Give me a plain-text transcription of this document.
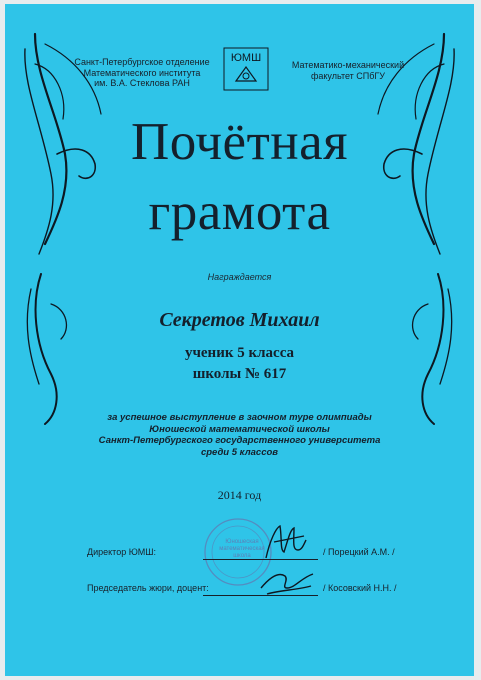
Санкт-Петербургское отделение
Математического института
им. В.А. Стеклова РАН
ЮМШ
Математико-механический
факультет СПбГУ
Почётная
грамота
Награждается
Секретов Михаил
ученик 5 класса
школы № 617
за успешное выступление в заочном туре олимпиады
Юношеской математической школы
Санкт-Петербургского государственного университета
среди 5 классов
2014 год
Юношеская
математическая
школа
Директор ЮМШ:	/ Порецкий А.М. /
Председатель жюри, доцент:	/ Косовский Н.Н. /
